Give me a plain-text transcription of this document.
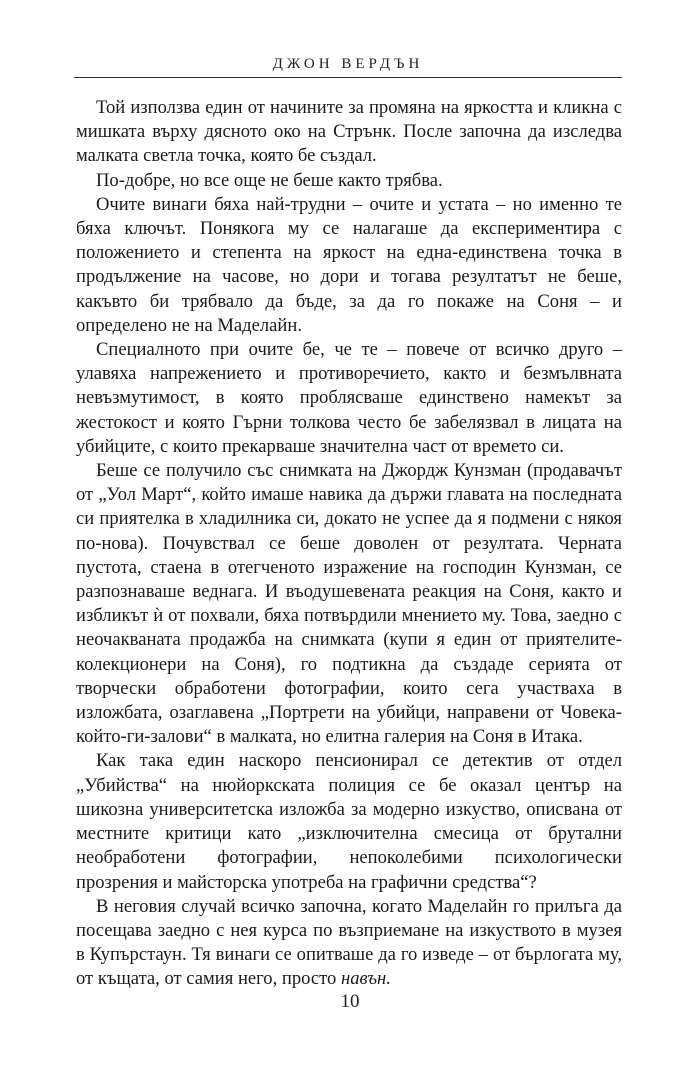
ДЖОН ВЕРДЪН

Той използва един от начините за промяна на яркостта и кликна с мишката върху дясното око на Стрънк. После започна да изследва малката светла точка, която бе създал.

По-добре, но все още не беше както трябва.

Очите винаги бяха най-трудни – очите и устата – но именно те бяха ключът. Понякога му се налагаше да експериментира с положението и степента на яркост на една-единствена точка в продължение на часове, но дори и тогава резултатът не беше, какъвто би трябвало да бъде, за да го покаже на Соня – и определено не на Маделайн.

Специалното при очите бе, че те – повече от всичко друго – улавяха напрежението и противоречието, както и безмълвната невъзмутимост, в която проблясваше единствено намекът за жестокост и която Гърни толкова често бе забелязвал в лицата на убийците, с които прекарваше значителна част от времето си.

Беше се получило със снимката на Джордж Кунзман (продавачът от „Уол Март“, който имаше навика да държи главата на последната си приятелка в хладилника си, докато не успее да я подмени с някоя по-нова). Почувствал се беше доволен от резултата. Черната пустота, стаена в отегченото изражение на господин Кунзман, се разпознаваше веднага. И въодушевената реакция на Соня, както и избликът ѝ от похвали, бяха потвърдили мнението му. Това, заедно с неочакваната продажба на снимката (купи я един от приятелите-колекционери на Соня), го подтикна да създаде серията от творчески обработени фотографии, които сега участваха в изложбата, озаглавена „Портрети на убийци, направени от Човека-който-ги-залови“ в малката, но елитна галерия на Соня в Итака.

Как така един наскоро пенсионирал се детектив от отдел „Убийства“ на нюйоркската полиция се бе оказал център на шикозна университетска изложба за модерно изкуство, описвана от местните критици като „изключителна смесица от брутални необработени фотографии, непоколебими психологически прозрения и майсторска употреба на графични средства“?

В неговия случай всичко започна, когато Маделайн го прилъга да посещава заедно с нея курса по възприемане на изкуството в музея в Купърстаун. Тя винаги се опитваше да го изведе – от бърлогата му, от къщата, от самия него, просто навън.

10
